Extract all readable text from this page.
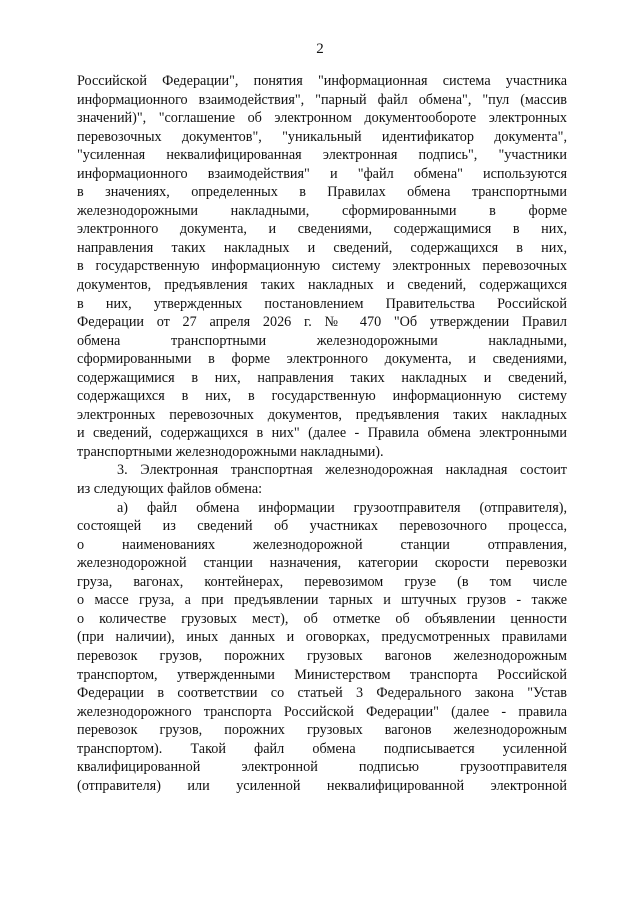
2
Российской Федерации", понятия "информационная система участника
информационного взаимодействия", "парный файл обмена", "пул (массив
значений)", "соглашение об электронном документообороте электронных
перевозочных документов", "уникальный идентификатор документа",
"усиленная неквалифицированная электронная подпись", "участники
информационного взаимодействия" и "файл обмена" используются
в значениях, определенных в Правилах обмена транспортными
железнодорожными накладными, сформированными в форме
электронного документа, и сведениями, содержащимися в них,
направления таких накладных и сведений, содержащихся в них,
в государственную информационную систему электронных перевозочных
документов, предъявления таких накладных и сведений, содержащихся
в них, утвержденных постановлением Правительства Российской
Федерации от 27 апреля 2026 г. № 470 "Об утверждении Правил
обмена транспортными железнодорожными накладными,
сформированными в форме электронного документа, и сведениями,
содержащимися в них, направления таких накладных и сведений,
содержащихся в них, в государственную информационную систему
электронных перевозочных документов, предъявления таких накладных
и сведений, содержащихся в них" (далее - Правила обмена электронными
транспортными железнодорожными накладными).
3. Электронная транспортная железнодорожная накладная состоит
из следующих файлов обмена:
а) файл обмена информации грузоотправителя (отправителя),
состоящей из сведений об участниках перевозочного процесса,
о наименованиях железнодорожной станции отправления,
железнодорожной станции назначения, категории скорости перевозки
груза, вагонах, контейнерах, перевозимом грузе (в том числе
о массе груза, а при предъявлении тарных и штучных грузов - также
о количестве грузовых мест), об отметке об объявлении ценности
(при наличии), иных данных и оговорках, предусмотренных правилами
перевозок грузов, порожних грузовых вагонов железнодорожным
транспортом, утвержденными Министерством транспорта Российской
Федерации в соответствии со статьей 3 Федерального закона "Устав
железнодорожного транспорта Российской Федерации" (далее - правила
перевозок грузов, порожних грузовых вагонов железнодорожным
транспортом). Такой файл обмена подписывается усиленной
квалифицированной электронной подписью грузоотправителя
(отправителя) или усиленной неквалифицированной электронной
